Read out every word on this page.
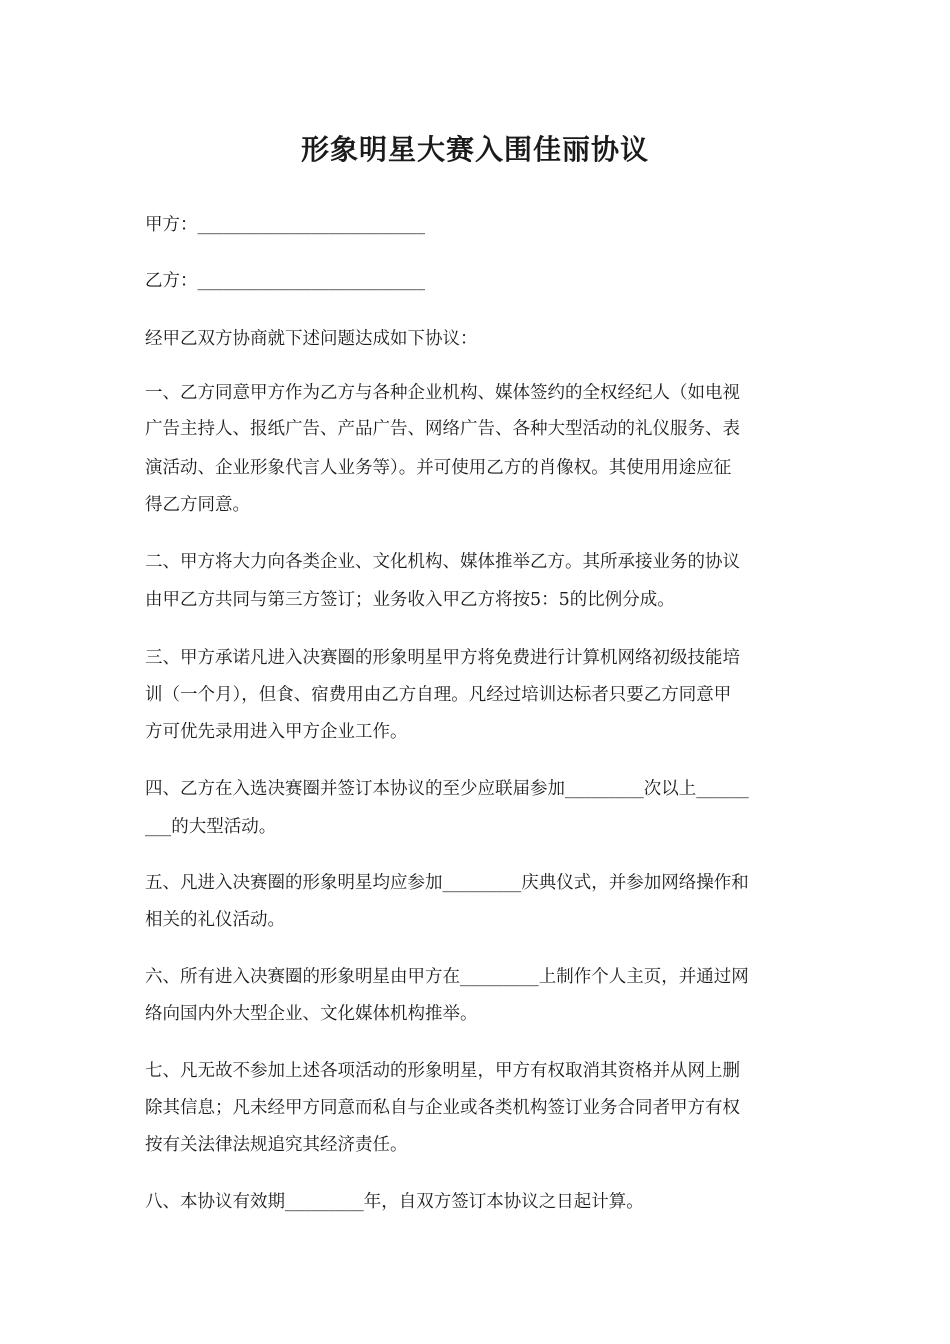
形象明星大赛入围佳丽协议
甲方：__________________________
乙方：__________________________
经甲乙双方协商就下述问题达成如下协议：
一、乙方同意甲方作为乙方与各种企业机构、媒体签约的全权经纪人（如电视
广告主持人、报纸广告、产品广告、网络广告、各种大型活动的礼仪服务、表
演活动、企业形象代言人业务等）。并可使用乙方的肖像权。其使用用途应征
得乙方同意。
二、甲方将大力向各类企业、文化机构、媒体推举乙方。其所承接业务的协议
由甲乙方共同与第三方签订；业务收入甲乙方将按5：5的比例分成。
三、甲方承诺凡进入决赛圈的形象明星甲方将免费进行计算机网络初级技能培
训（一个月），但食、宿费用由乙方自理。凡经过培训达标者只要乙方同意甲
方可优先录用进入甲方企业工作。
四、乙方在入选决赛圈并签订本协议的至少应联届参加_________次以上______
___的大型活动。
五、凡进入决赛圈的形象明星均应参加_________庆典仪式，并参加网络操作和
相关的礼仪活动。
六、所有进入决赛圈的形象明星由甲方在_________上制作个人主页，并通过网
络向国内外大型企业、文化媒体机构推举。
七、凡无故不参加上述各项活动的形象明星，甲方有权取消其资格并从网上删
除其信息；凡未经甲方同意而私自与企业或各类机构签订业务合同者甲方有权
按有关法律法规追究其经济责任。
八、本协议有效期_________年，自双方签订本协议之日起计算。
